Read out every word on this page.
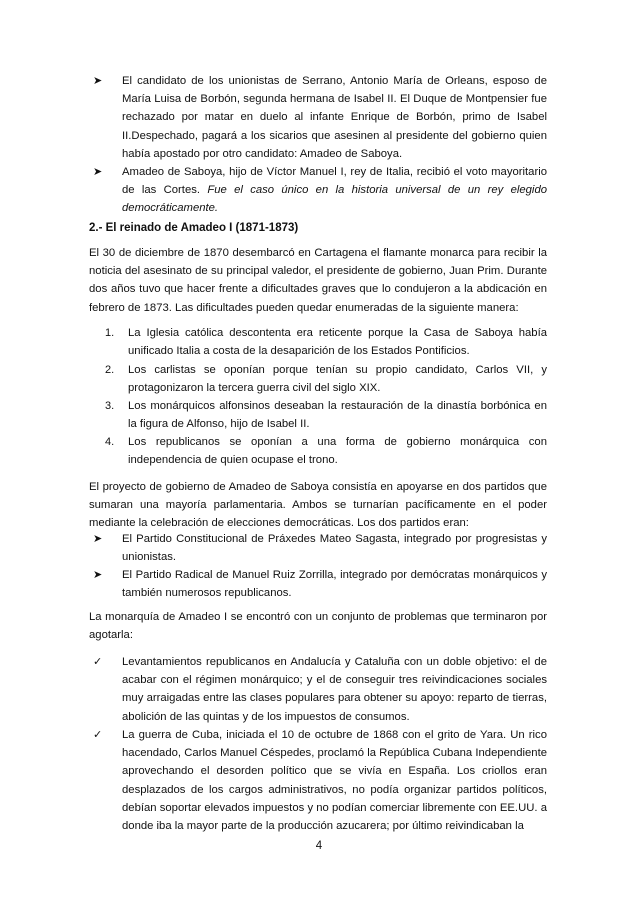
➤ El candidato de los unionistas de Serrano, Antonio María de Orleans, esposo de María Luisa de Borbón, segunda hermana de Isabel II. El Duque de Montpensier fue rechazado por matar en duelo al infante Enrique de Borbón, primo de Isabel II.Despechado, pagará a los sicarios que asesinen al presidente del gobierno quien había apostado por otro candidato: Amadeo de Saboya.
➤ Amadeo de Saboya, hijo de Víctor Manuel I, rey de Italia, recibió el voto mayoritario de las Cortes. Fue el caso único en la historia universal de un rey elegido democráticamente.
2.- El reinado de Amadeo I (1871-1873)
El 30 de diciembre de 1870 desembarcó en Cartagena el flamante monarca para recibir la noticia del asesinato de su principal valedor, el presidente de gobierno, Juan Prim. Durante dos años tuvo que hacer frente a dificultades graves que lo condujeron a la abdicación en febrero de 1873. Las dificultades pueden quedar enumeradas de la siguiente manera:
1. La Iglesia católica descontenta era reticente porque la Casa de Saboya había unificado Italia a costa de la desaparición de los Estados Pontificios.
2. Los carlistas se oponían porque tenían su propio candidato, Carlos VII, y protagonizaron la tercera guerra civil del siglo XIX.
3. Los monárquicos alfonsinos deseaban la restauración de la dinastía borbónica en la figura de Alfonso, hijo de Isabel II.
4. Los republicanos se oponían a una forma de gobierno monárquica con independencia de quien ocupase el trono.
El proyecto de gobierno de Amadeo de Saboya consistía en apoyarse en dos partidos que sumaran una mayoría parlamentaria. Ambos se turnarían pacíficamente en el poder mediante la celebración de elecciones democráticas. Los dos partidos eran:
➤ El Partido Constitucional de Práxedes Mateo Sagasta, integrado por progresistas y unionistas.
➤ El Partido Radical de Manuel Ruiz Zorrilla, integrado por demócratas monárquicos y también numerosos republicanos.
La monarquía de Amadeo I se encontró con un conjunto de problemas que terminaron por agotarla:
✓ Levantamientos republicanos en Andalucía y Cataluña con un doble objetivo: el de acabar con el régimen monárquico; y el de conseguir tres reivindicaciones sociales muy arraigadas entre las clases populares para obtener su apoyo: reparto de tierras, abolición de las quintas y de los impuestos de consumos.
✓ La guerra de Cuba, iniciada el 10 de octubre de 1868 con el grito de Yara. Un rico hacendado, Carlos Manuel Céspedes, proclamó la República Cubana Independiente aprovechando el desorden político que se vivía en España. Los criollos eran desplazados de los cargos administrativos, no podía organizar partidos políticos, debían soportar elevados impuestos y no podían comerciar libremente con EE.UU. a donde iba la mayor parte de la producción azucarera; por último reivindicaban la
4
